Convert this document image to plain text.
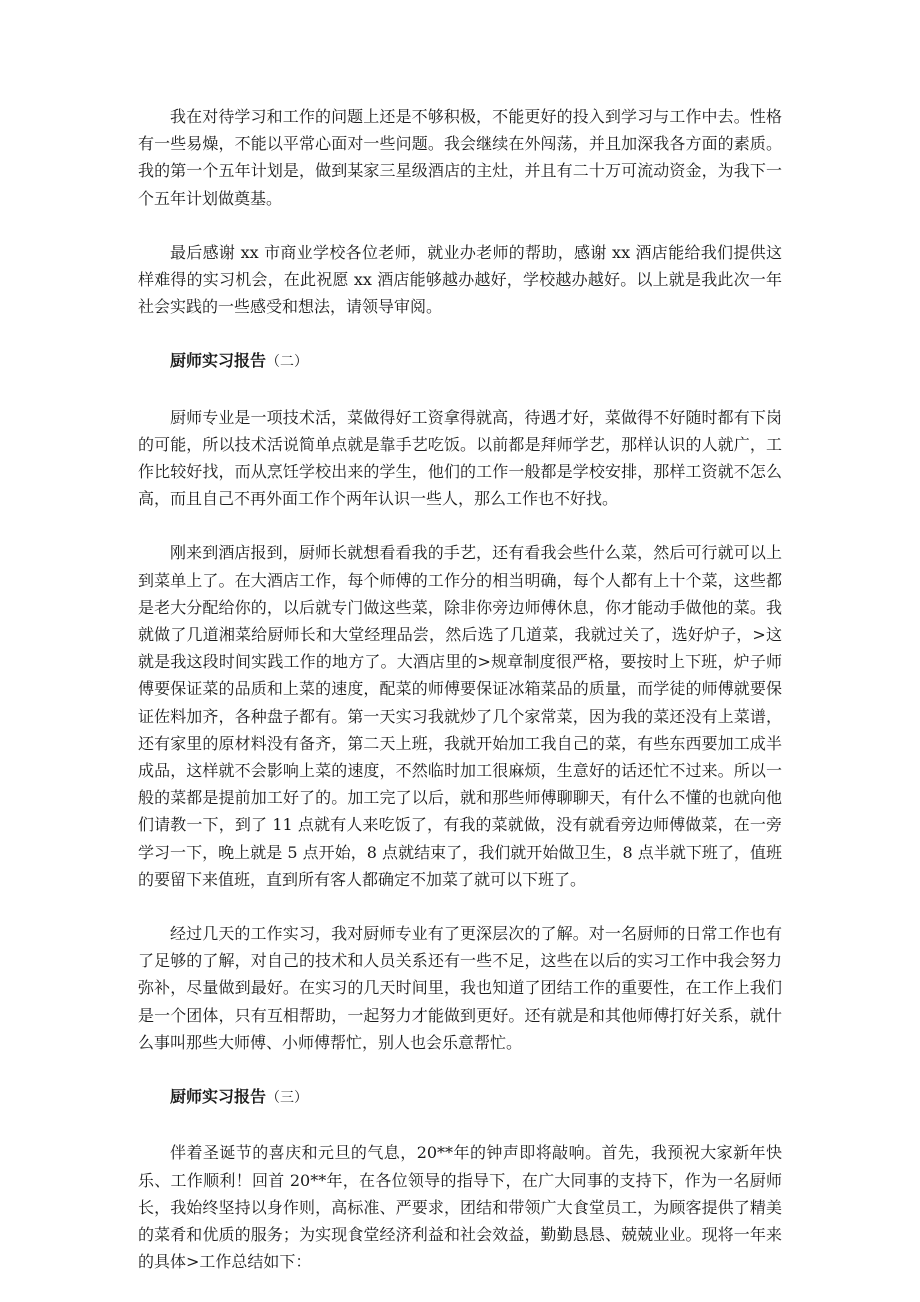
我在对待学习和工作的问题上还是不够积极，不能更好的投入到学习与工作中去。性格有一些易燥，不能以平常心面对一些问题。我会继续在外闯荡，并且加深我各方面的素质。我的第一个五年计划是，做到某家三星级酒店的主灶，并且有二十万可流动资金，为我下一个五年计划做奠基。

最后感谢 xx 市商业学校各位老师，就业办老师的帮助，感谢 xx 酒店能给我们提供这样难得的实习机会，在此祝愿 xx 酒店能够越办越好，学校越办越好。以上就是我此次一年社会实践的一些感受和想法，请领导审阅。

厨师实习报告（二）

厨师专业是一项技术活，菜做得好工资拿得就高，待遇才好，菜做得不好随时都有下岗的可能，所以技术活说简单点就是靠手艺吃饭。以前都是拜师学艺，那样认识的人就广，工作比较好找，而从烹饪学校出来的学生，他们的工作一般都是学校安排，那样工资就不怎么高，而且自己不再外面工作个两年认识一些人，那么工作也不好找。

刚来到酒店报到，厨师长就想看看我的手艺，还有看我会些什么菜，然后可行就可以上到菜单上了。在大酒店工作，每个师傅的工作分的相当明确，每个人都有上十个菜，这些都是老大分配给你的，以后就专门做这些菜，除非你旁边师傅休息，你才能动手做他的菜。我就做了几道湘菜给厨师长和大堂经理品尝，然后选了几道菜，我就过关了，选好炉子，>这就是我这段时间实践工作的地方了。大酒店里的>规章制度很严格，要按时上下班，炉子师傅要保证菜的品质和上菜的速度，配菜的师傅要保证冰箱菜品的质量，而学徒的师傅就要保证佐料加齐，各种盘子都有。第一天实习我就炒了几个家常菜，因为我的菜还没有上菜谱，还有家里的原材料没有备齐，第二天上班，我就开始加工我自己的菜，有些东西要加工成半成品，这样就不会影响上菜的速度，不然临时加工很麻烦，生意好的话还忙不过来。所以一般的菜都是提前加工好了的。加工完了以后，就和那些师傅聊聊天，有什么不懂的也就向他们请教一下，到了 11 点就有人来吃饭了，有我的菜就做，没有就看旁边师傅做菜，在一旁学习一下，晚上就是 5 点开始，8 点就结束了，我们就开始做卫生，8 点半就下班了，值班的要留下来值班，直到所有客人都确定不加菜了就可以下班了。

经过几天的工作实习，我对厨师专业有了更深层次的了解。对一名厨师的日常工作也有了足够的了解，对自己的技术和人员关系还有一些不足，这些在以后的实习工作中我会努力弥补，尽量做到最好。在实习的几天时间里，我也知道了团结工作的重要性，在工作上我们是一个团体，只有互相帮助，一起努力才能做到更好。还有就是和其他师傅打好关系，就什么事叫那些大师傅、小师傅帮忙，别人也会乐意帮忙。

厨师实习报告（三）

伴着圣诞节的喜庆和元旦的气息，20**年的钟声即将敲响。首先，我预祝大家新年快乐、工作顺利！回首 20**年，在各位领导的指导下，在广大同事的支持下，作为一名厨师长，我始终坚持以身作则，高标准、严要求，团结和带领广大食堂员工，为顾客提供了精美的菜肴和优质的服务；为实现食堂经济利益和社会效益，勤勤恳恳、兢兢业业。现将一年来的具体>工作总结如下：
